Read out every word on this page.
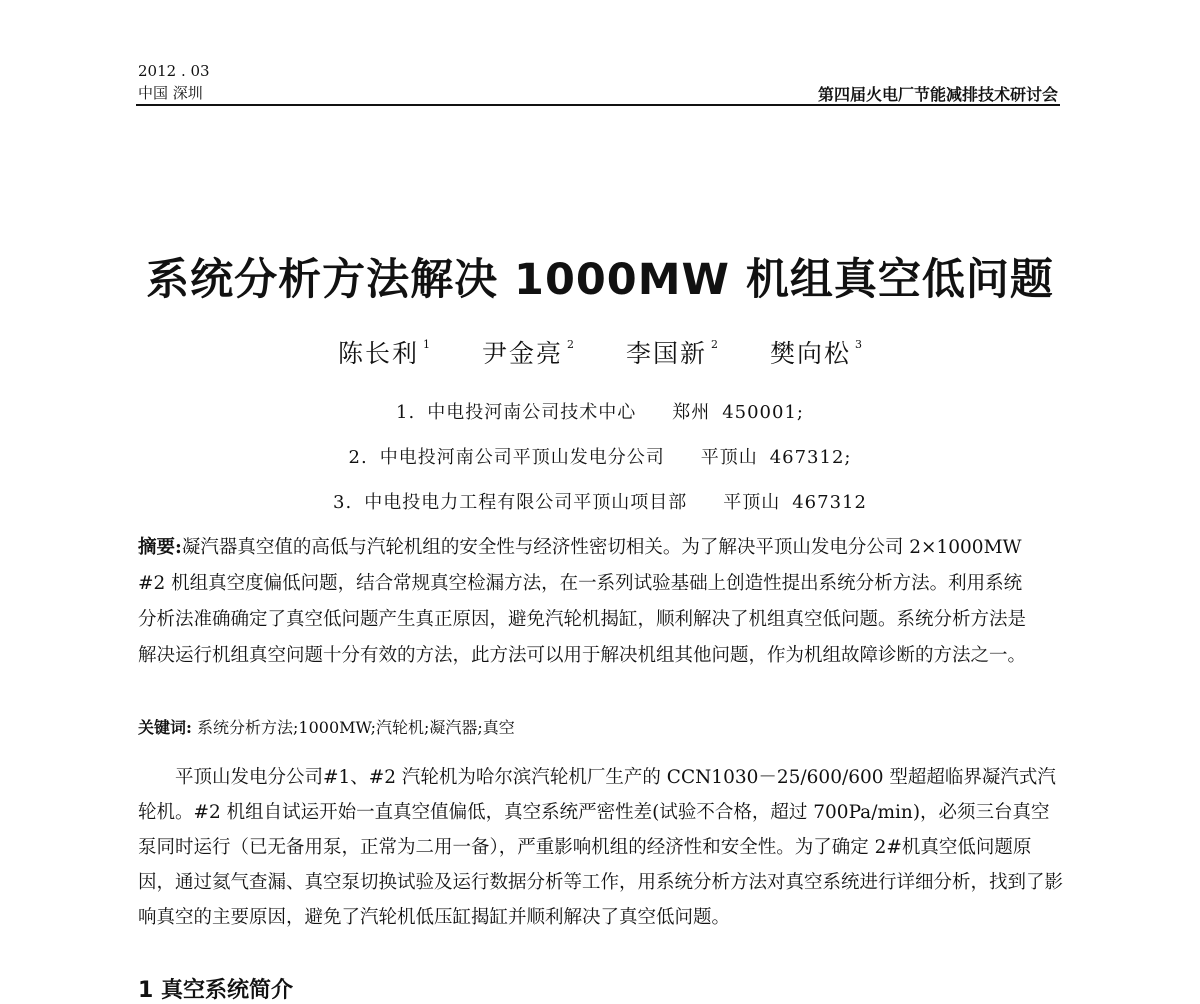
2012 . 03
中国 深圳	第四届火电厂节能减排技术研讨会
系统分析方法解决 1000MW 机组真空低问题
陈长利 $^1$ 尹金亮 $^2$ 李国新 $^2$ 樊向松 $^3$
1. 中电投河南公司技术中心 郑州 450001;
2. 中电投河南公司平顶山发电分公司 平顶山 467312;
3. 中电投电力工程有限公司平顶山项目部 平顶山 467312
摘要:凝汽器真空值的高低与汽轮机组的安全性与经济性密切相关。为了解决平顶山发电分公司 2×1000MW #2 机组真空度偏低问题，结合常规真空检漏方法，在一系列试验基础上创造性提出系统分析方法。利用系统分析法准确确定了真空低问题产生真正原因，避免汽轮机揭缸，顺利解决了机组真空低问题。系统分析方法是解决运行机组真空问题十分有效的方法，此方法可以用于解决机组其他问题，作为机组故障诊断的方法之一。
关键词: 系统分析方法;1000MW;汽轮机;凝汽器;真空
平顶山发电分公司#1、#2 汽轮机为哈尔滨汽轮机厂生产的 CCN1030－25/600/600 型超超临界凝汽式汽轮机。#2 机组自试运开始一直真空值偏低，真空系统严密性差(试验不合格，超过 700Pa/min)，必须三台真空泵同时运行（已无备用泵，正常为二用一备），严重影响机组的经济性和安全性。为了确定 2#机真空低问题原因，通过氦气查漏、真空泵切换试验及运行数据分析等工作，用系统分析方法对真空系统进行详细分析，找到了影响真空的主要原因，避免了汽轮机低压缸揭缸并顺利解决了真空低问题。
1 真空系统简介
